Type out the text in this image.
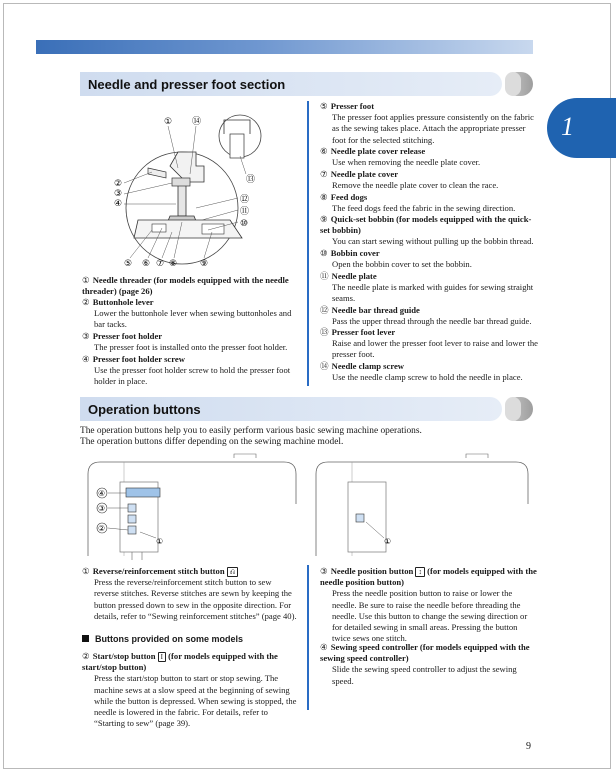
1
Needle and presser foot section
① ⑭
②
③
④
⑤ ⑥ ⑦ ⑧	⑨
⑩
⑪
⑫
⑬
① Needle threader (for models equipped with the needle threader) (page 26)
② Buttonhole lever
Lower the buttonhole lever when sewing buttonholes and bar tacks.
③ Presser foot holder
The presser foot is installed onto the presser foot holder.
④ Presser foot holder screw
Use the presser foot holder screw to hold the presser foot holder in place.
⑤ Presser foot
The presser foot applies pressure consistently on the fabric as the sewing takes place. Attach the appropriate presser foot for the selected stitching.
⑥ Needle plate cover release
Use when removing the needle plate cover.
⑦ Needle plate cover
Remove the needle plate cover to clean the race.
⑧ Feed dogs
The feed dogs feed the fabric in the sewing direction.
⑨ Quick-set bobbin (for models equipped with the quick-set bobbin)
You can start sewing without pulling up the bobbin thread.
⑩ Bobbin cover
Open the bobbin cover to set the bobbin.
⑪ Needle plate
The needle plate is marked with guides for sewing straight seams.
⑫ Needle bar thread guide
Pass the upper thread through the needle bar thread guide.
⑬ Presser foot lever
Raise and lower the presser foot lever to raise and lower the presser foot.
⑭ Needle clamp screw
Use the needle clamp screw to hold the needle in place.
Operation buttons
The operation buttons help you to easily perform various basic sewing machine operations.
The operation buttons differ depending on the sewing machine model.
④
③
②
①	①
① Reverse/reinforcement stitch button ⎌
Press the reverse/reinforcement stitch button to sew reverse stitches. Reverse stitches are sewn by keeping the button pressed down to sew in the opposite direction. For details, refer to “Sewing reinforcement stitches” (page 40).
Buttons provided on some models
② Start/stop button I (for models equipped with the start/stop button)
Press the start/stop button to start or stop sewing. The machine sews at a slow speed at the beginning of sewing while the button is depressed. When sewing is stopped, the needle is lowered in the fabric. For details, refer to “Starting to sew” (page 39).
③ Needle position button ↕ (for models equipped with the needle position button)
Press the needle position button to raise or lower the needle. Be sure to raise the needle before threading the needle. Use this button to change the sewing direction or for detailed sewing in small areas. Pressing the button twice sews one stitch.
④ Sewing speed controller (for models equipped with the sewing speed controller)
Slide the sewing speed controller to adjust the sewing speed.
9
